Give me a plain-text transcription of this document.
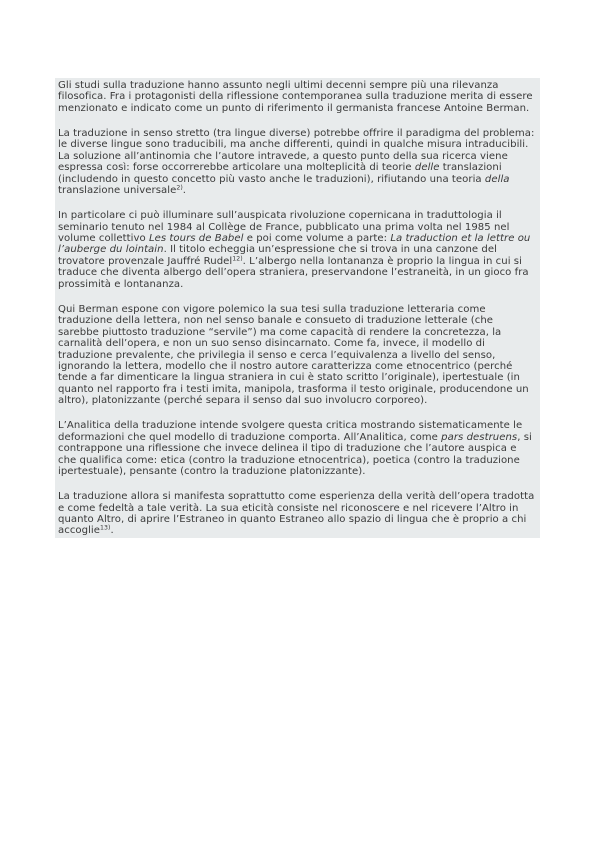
Gli studi sulla traduzione hanno assunto negli ultimi decenni sempre più una rilevanza filosofica. Fra i protagonisti della riflessione contemporanea sulla traduzione merita di essere menzionato e indicato come un punto di riferimento il germanista francese Antoine Berman.

La traduzione in senso stretto (tra lingue diverse) potrebbe offrire il paradigma del problema: le diverse lingue sono traducibili, ma anche differenti, quindi in qualche misura intraducibili. La soluzione all’antinomia che l’autore intravede, a questo punto della sua ricerca viene espressa così: forse occorrerebbe articolare una molteplicità di teorie delle translazioni (includendo in questo concetto più vasto anche le traduzioni), rifiutando una teoria della translazione universale$^{2)}$.

In particolare ci può illuminare sull’auspicata rivoluzione copernicana in traduttologia il seminario tenuto nel 1984 al Collège de France, pubblicato una prima volta nel 1985 nel volume collettivo Les tours de Babel e poi come volume a parte: La traduction et la lettre ou l’auberge du lointain. Il titolo echeggia un’espressione che si trova in una canzone del trovatore provenzale Jauffré Rudel$^{12)}$. L’albergo nella lontananza è proprio la lingua in cui si traduce che diventa albergo dell’opera straniera, preservandone l’estraneità, in un gioco fra prossimità e lontananza.

Qui Berman espone con vigore polemico la sua tesi sulla traduzione letteraria come traduzione della lettera, non nel senso banale e consueto di traduzione letterale (che sarebbe piuttosto traduzione “servile”) ma come capacità di rendere la concretezza, la carnalità dell’opera, e non un suo senso disincarnato. Come fa, invece, il modello di traduzione prevalente, che privilegia il senso e cerca l’equivalenza a livello del senso, ignorando la lettera, modello che il nostro autore caratterizza come etnocentrico (perché tende a far dimenticare la lingua straniera in cui è stato scritto l’originale), ipertestuale (in quanto nel rapporto fra i testi imita, manipola, trasforma il testo originale, producendone un altro), platonizzante (perché separa il senso dal suo involucro corporeo).

L’Analitica della traduzione intende svolgere questa critica mostrando sistematicamente le deformazioni che quel modello di traduzione comporta. All’Analitica, come pars destruens, si contrappone una riflessione che invece delinea il tipo di traduzione che l’autore auspica e che qualifica come: etica (contro la traduzione etnocentrica), poetica (contro la traduzione ipertestuale), pensante (contro la traduzione platonizzante).

La traduzione allora si manifesta soprattutto come esperienza della verità dell’opera tradotta e come fedeltà a tale verità. La sua eticità consiste nel riconoscere e nel ricevere l’Altro in quanto Altro, di aprire l’Estraneo in quanto Estraneo allo spazio di lingua che è proprio a chi accoglie$^{13)}$.
